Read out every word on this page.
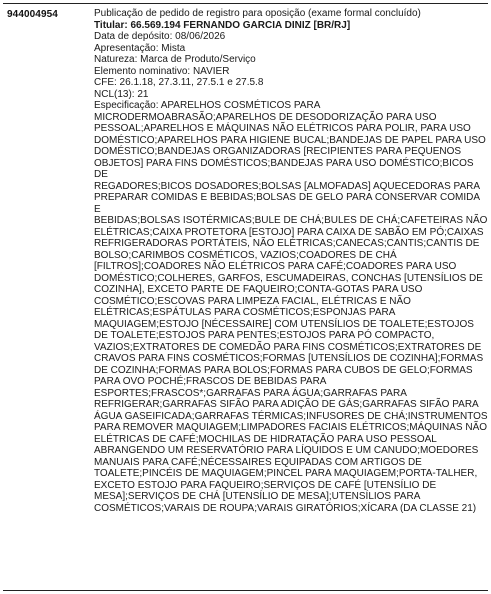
944004954	Publicação de pedido de registro para oposição (exame formal concluído)
Titular: 66.569.194 FERNANDO GARCIA DINIZ [BR/RJ]
Data de depósito: 08/06/2026
Apresentação: Mista
Natureza: Marca de Produto/Serviço
Elemento nominativo: NAVIER
CFE: 26.1.18, 27.3.11, 27.5.1 e 27.5.8
NCL(13): 21
Especificação: APARELHOS COSMÉTICOS PARA
MICRODERMOABRASÃO;APARELHOS DE DESODORIZAÇÃO PARA USO
PESSOAL;APARELHOS E MÁQUINAS NÃO ELÉTRICOS PARA POLIR, PARA USO
DOMÉSTICO;APARELHOS PARA HIGIENE BUCAL;BANDEJAS DE PAPEL PARA USO
DOMÉSTICO;BANDEJAS ORGANIZADORAS [RECIPIENTES PARA PEQUENOS
OBJETOS] PARA FINS DOMÉSTICOS;BANDEJAS PARA USO DOMÉSTICO;BICOS DE
REGADORES;BICOS DOSADORES;BOLSAS [ALMOFADAS] AQUECEDORAS PARA
PREPARAR COMIDAS E BEBIDAS;BOLSAS DE GELO PARA CONSERVAR COMIDA E
BEBIDAS;BOLSAS ISOTÉRMICAS;BULE DE CHÁ;BULES DE CHÁ;CAFETEIRAS NÃO
ELÉTRICAS;CAIXA PROTETORA [ESTOJO] PARA CAIXA DE SABÃO EM PÓ;CAIXAS
REFRIGERADORAS PORTÁTEIS, NÃO ELÉTRICAS;CANECAS;CANTIS;CANTIS DE
BOLSO;CARIMBOS COSMÉTICOS, VAZIOS;COADORES DE CHÁ
[FILTROS];COADORES NÃO ELÉTRICOS PARA CAFÉ;COADORES PARA USO
DOMÉSTICO;COLHERES, GARFOS, ESCUMADEIRAS, CONCHAS [UTENSÍLIOS DE
COZINHA], EXCETO PARTE DE FAQUEIRO;CONTA-GOTAS PARA USO
COSMÉTICO;ESCOVAS PARA LIMPEZA FACIAL, ELÉTRICAS E NÃO
ELÉTRICAS;ESPÁTULAS PARA COSMÉTICOS;ESPONJAS PARA
MAQUIAGEM;ESTOJO [NÉCESSAIRE] COM UTENSÍLIOS DE TOALETE;ESTOJOS
DE TOALETE;ESTOJOS PARA PENTES;ESTOJOS PARA PÓ COMPACTO,
VAZIOS;EXTRATORES DE COMEDÃO PARA FINS COSMÉTICOS;EXTRATORES DE
CRAVOS PARA FINS COSMÉTICOS;FORMAS [UTENSÍLIOS DE COZINHA];FORMAS
DE COZINHA;FORMAS PARA BOLOS;FORMAS PARA CUBOS DE GELO;FORMAS
PARA OVO POCHÉ;FRASCOS DE BEBIDAS PARA
ESPORTES;FRASCOS*;GARRAFAS PARA ÁGUA;GARRAFAS PARA
REFRIGERAR;GARRAFAS SIFÃO PARA ADIÇÃO DE GÁS;GARRAFAS SIFÃO PARA
ÁGUA GASEIFICADA;GARRAFAS TÉRMICAS;INFUSORES DE CHÁ;INSTRUMENTOS
PARA REMOVER MAQUIAGEM;LIMPADORES FACIAIS ELÉTRICOS;MÁQUINAS NÃO
ELÉTRICAS DE CAFÉ;MOCHILAS DE HIDRATAÇÃO PARA USO PESSOAL
ABRANGENDO UM RESERVATÓRIO PARA LÍQUIDOS E UM CANUDO;MOEDORES
MANUAIS PARA CAFÉ;NÉCESSAIRES EQUIPADAS COM ARTIGOS DE
TOALETE;PINCÉIS DE MAQUIAGEM;PINCEL PARA MAQUIAGEM;PORTA-TALHER,
EXCETO ESTOJO PARA FAQUEIRO;SERVIÇOS DE CAFÉ [UTENSÍLIO DE
MESA];SERVIÇOS DE CHÁ [UTENSÍLIO DE MESA];UTENSÍLIOS PARA
COSMÉTICOS;VARAIS DE ROUPA;VARAIS GIRATÓRIOS;XÍCARA (DA CLASSE 21)
